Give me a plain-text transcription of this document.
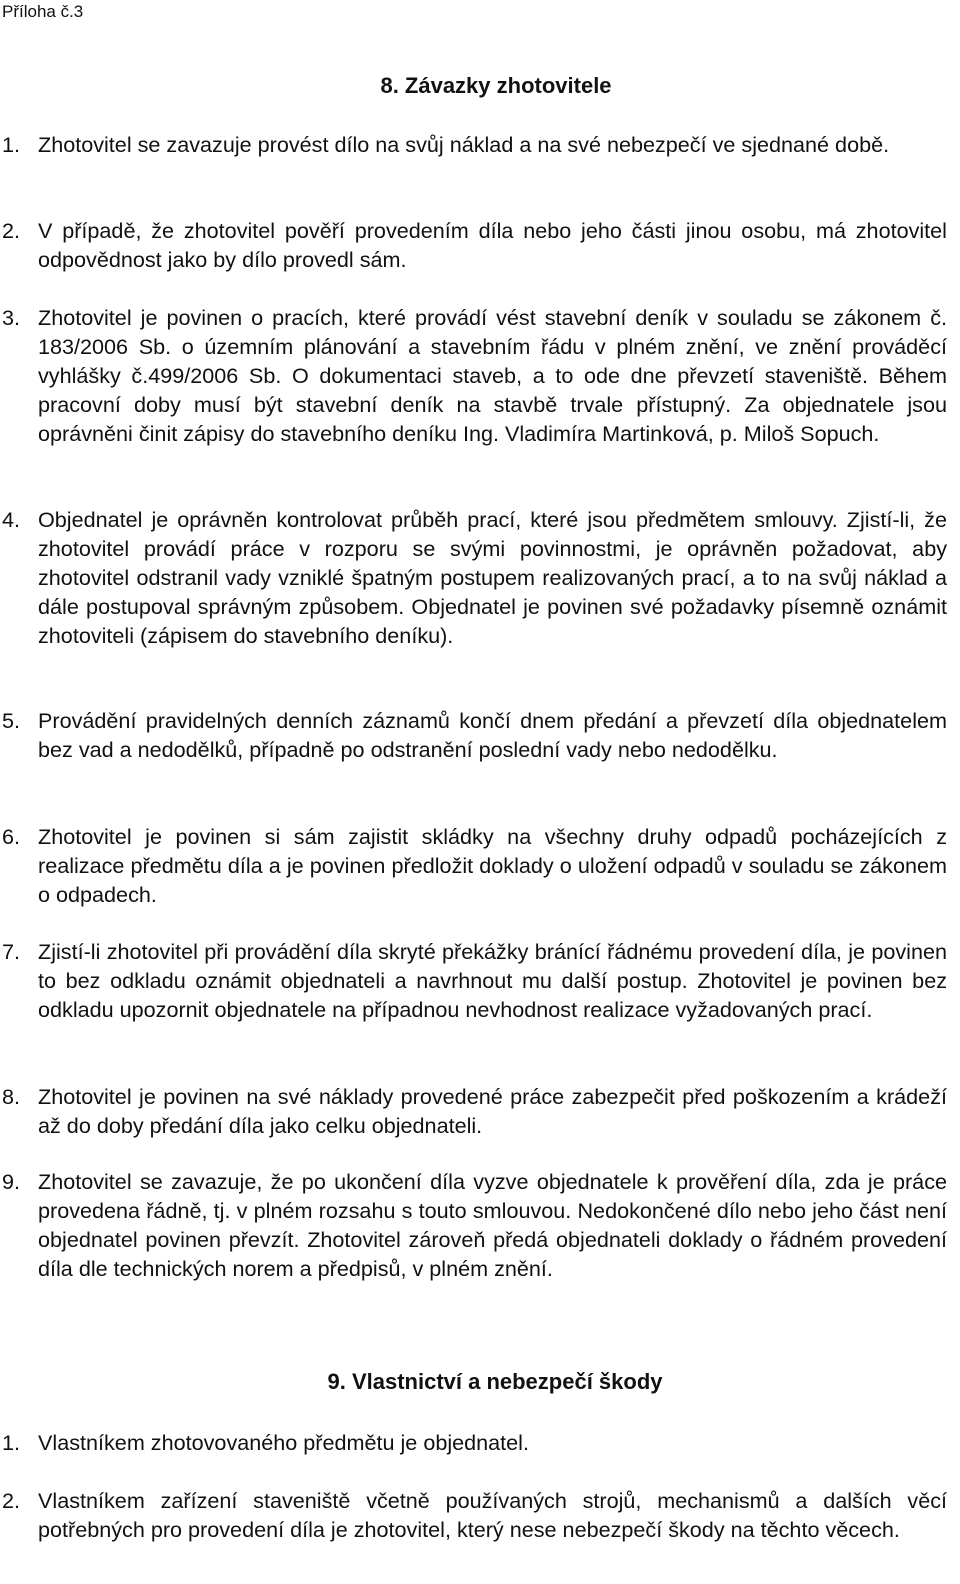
Příloha č.3
8. Závazky zhotovitele
1. Zhotovitel se zavazuje provést dílo na svůj náklad a na své nebezpečí ve sjednané době.
2. V případě, že zhotovitel pověří provedením díla nebo jeho části jinou osobu, má zhotovitel odpovědnost jako by dílo provedl sám.
3. Zhotovitel je povinen o pracích, které provádí vést stavební deník v souladu se zákonem č. 183/2006 Sb. o územním plánování a stavebním řádu v plném znění, ve znění prováděcí vyhlášky č.499/2006 Sb. O dokumentaci staveb, a to ode dne převzetí staveniště. Během pracovní doby musí být stavební deník na stavbě trvale přístupný. Za objednatele jsou oprávněni činit zápisy do stavebního deníku Ing. Vladimíra Martinková, p. Miloš Sopuch.
4. Objednatel je oprávněn kontrolovat průběh prací, které jsou předmětem smlouvy. Zjistí-li, že zhotovitel provádí práce v rozporu se svými povinnostmi, je oprávněn požadovat, aby zhotovitel odstranil vady vzniklé špatným postupem realizovaných prací, a to na svůj náklad a dále postupoval správným způsobem. Objednatel je povinen své požadavky písemně oznámit zhotoviteli (zápisem do stavebního deníku).
5. Provádění pravidelných denních záznamů končí dnem předání a převzetí díla objednatelem bez vad a nedodělků, případně po odstranění poslední vady nebo nedodělku.
6. Zhotovitel je povinen si sám zajistit skládky na všechny druhy odpadů pocházejících z realizace předmětu díla a je povinen předložit doklady o uložení odpadů v souladu se zákonem o odpadech.
7. Zjistí-li zhotovitel při provádění díla skryté překážky bránící řádnému provedení díla, je povinen to bez odkladu oznámit objednateli a navrhnout mu další postup. Zhotovitel je povinen bez odkladu upozornit objednatele na případnou nevhodnost realizace vyžadovaných prací.
8. Zhotovitel je povinen na své náklady provedené práce zabezpečit před poškozením a krádeží až do doby předání díla jako celku objednateli.
9. Zhotovitel se zavazuje, že po ukončení díla vyzve objednatele k prověření díla, zda je práce provedena řádně, tj. v plném rozsahu s touto smlouvou. Nedokončené dílo nebo jeho část není objednatel povinen převzít. Zhotovitel zároveň předá objednateli doklady o řádném provedení díla dle technických norem a předpisů, v plném znění.
9. Vlastnictví a nebezpečí škody
1. Vlastníkem zhotovovaného předmětu je objednatel.
2. Vlastníkem zařízení staveniště včetně používaných strojů, mechanismů a dalších věcí potřebných pro provedení díla je zhotovitel, který nese nebezpečí škody na těchto věcech.
